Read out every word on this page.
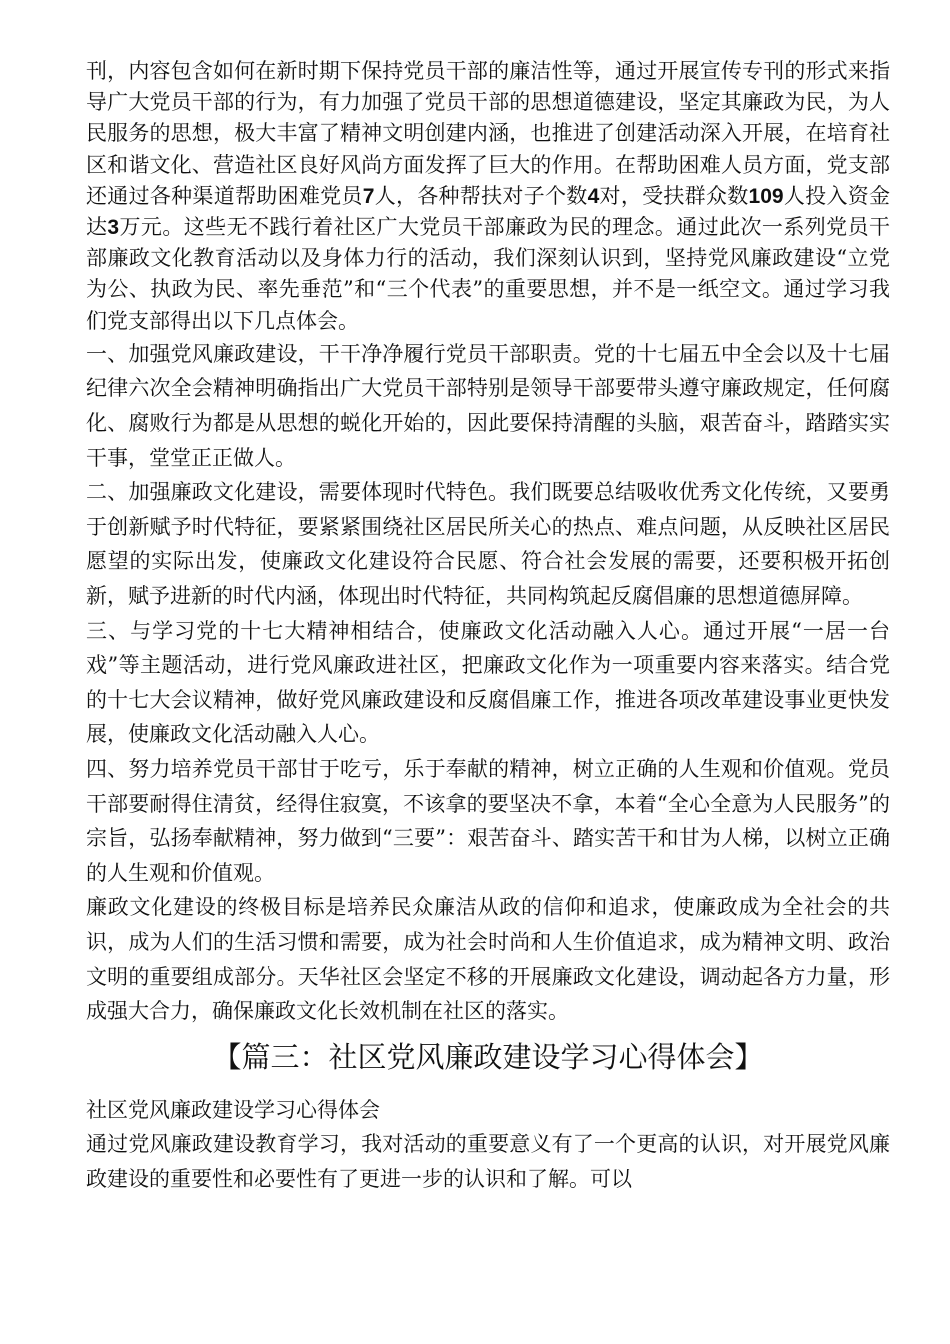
刊，内容包含如何在新时期下保持党员干部的廉洁性等，通过开展宣传专刊的形式来指导广大党员干部的行为，有力加强了党员干部的思想道德建设，坚定其廉政为民，为人民服务的思想，极大丰富了精神文明创建内涵，也推进了创建活动深入开展，在培育社区和谐文化、营造社区良好风尚方面发挥了巨大的作用。在帮助困难人员方面，党支部还通过各种渠道帮助困难党员7人，各种帮扶对子个数4对，受扶群众数109人投入资金达3万元。这些无不践行着社区广大党员干部廉政为民的理念。通过此次一系列党员干部廉政文化教育活动以及身体力行的活动，我们深刻认识到，坚持党风廉政建设“立党为公、执政为民、率先垂范”和“三个代表”的重要思想，并不是一纸空文。通过学习我们党支部得出以下几点体会。

一、加强党风廉政建设，干干净净履行党员干部职责。党的十七届五中全会以及十七届纪律六次全会精神明确指出广大党员干部特别是领导干部要带头遵守廉政规定，任何腐化、腐败行为都是从思想的蜕化开始的，因此要保持清醒的头脑，艰苦奋斗，踏踏实实干事，堂堂正正做人。

二、加强廉政文化建设，需要体现时代特色。我们既要总结吸收优秀文化传统，又要勇于创新赋予时代特征，要紧紧围绕社区居民所关心的热点、难点问题，从反映社区居民愿望的实际出发，使廉政文化建设符合民愿、符合社会发展的需要，还要积极开拓创新，赋予进新的时代内涵，体现出时代特征，共同构筑起反腐倡廉的思想道德屏障。

三、与学习党的十七大精神相结合，使廉政文化活动融入人心。通过开展“一居一台戏”等主题活动，进行党风廉政进社区，把廉政文化作为一项重要内容来落实。结合党的十七大会议精神，做好党风廉政建设和反腐倡廉工作，推进各项改革建设事业更快发展，使廉政文化活动融入人心。

四、努力培养党员干部甘于吃亏，乐于奉献的精神，树立正确的人生观和价值观。党员干部要耐得住清贫，经得住寂寞，不该拿的要坚决不拿，本着“全心全意为人民服务”的宗旨，弘扬奉献精神，努力做到“三要”：艰苦奋斗、踏实苦干和甘为人梯，以树立正确的人生观和价值观。

廉政文化建设的终极目标是培养民众廉洁从政的信仰和追求，使廉政成为全社会的共识，成为人们的生活习惯和需要，成为社会时尚和人生价值追求，成为精神文明、政治文明的重要组成部分。天华社区会坚定不移的开展廉政文化建设，调动起各方力量，形成强大合力，确保廉政文化长效机制在社区的落实。

【篇三：社区党风廉政建设学习心得体会】

社区党风廉政建设学习心得体会

通过党风廉政建设教育学习，我对活动的重要意义有了一个更高的认识，对开展党风廉政建设的重要性和必要性有了更进一步的认识和了解。可以
